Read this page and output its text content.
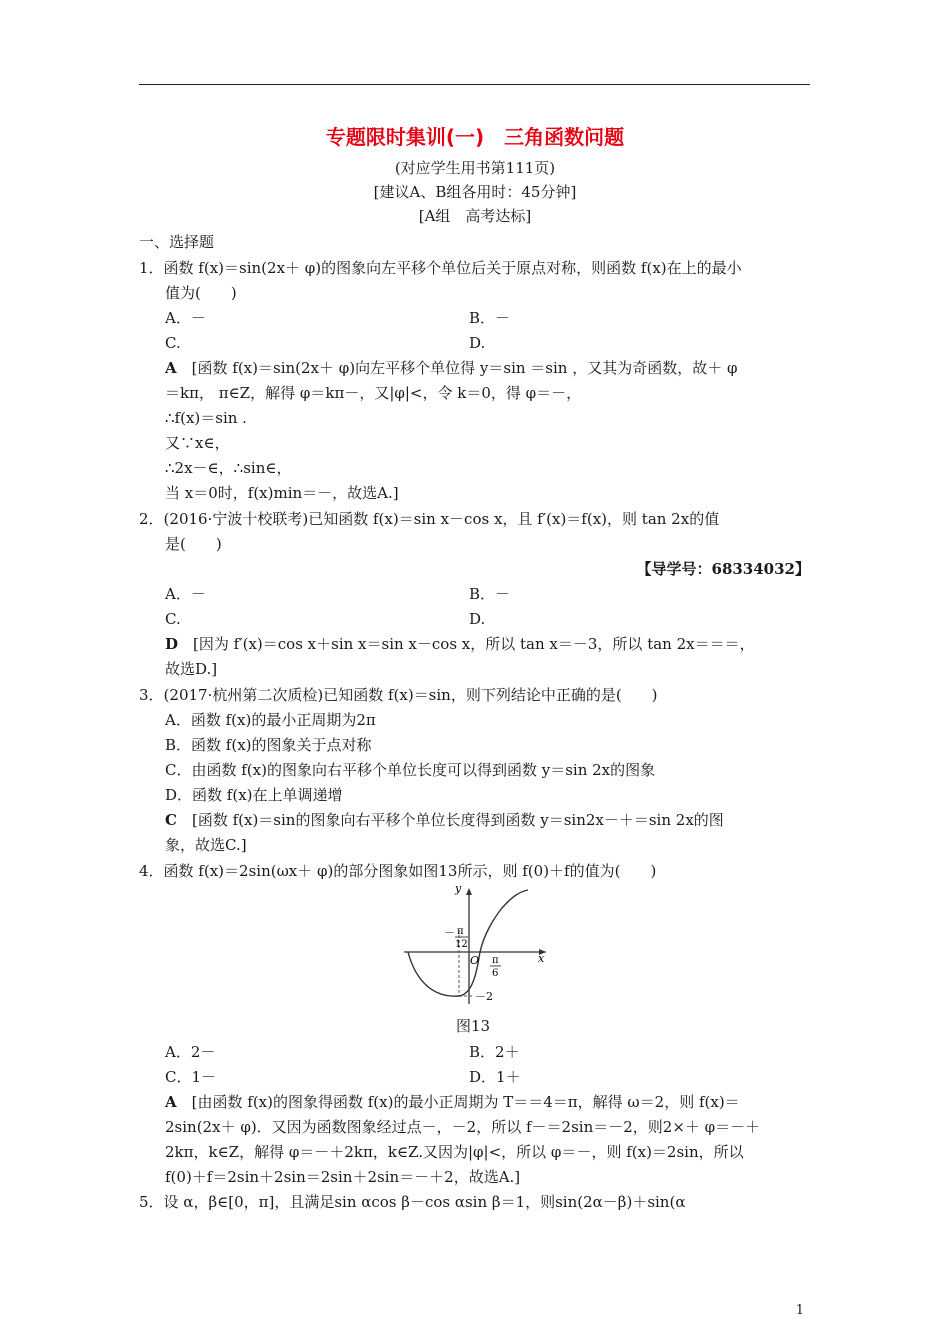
专题限时集训(一)　三角函数问题
(对应学生用书第111页)
[建议A、B组各用时：45分钟]
[A组　高考达标]
一、选择题
1．函数 f(x)＝sin(2x＋ φ)的图象向左平移个单位后关于原点对称，则函数 f(x)在上的最小
值为(　　)
A．－	B．－
C.	D.
A　 [函数 f(x)＝sin(2x＋ φ)向左平移个单位得 y＝sin ＝sin ，又其为奇函数，故＋ φ
＝kπ， π∈Z，解得 φ＝kπ－，又|φ|<，令 k＝0，得 φ＝－，
∴f(x)＝sin .
又∵x∈，
∴2x－∈，∴sin∈，
当 x＝0时，f(x)min＝－，故选A.]
2．(2016·宁波十校联考)已知函数 f(x)＝sin x－cos x，且 f′(x)＝f(x)，则 tan 2x的值
是(　　)
【导学号：68334032】
A．－	B．－
C.	D.
D　 [因为 f′(x)＝cos x＋sin x＝sin x－cos x，所以 tan x＝－3，所以 tan 2x＝＝＝，
故选D.]
3．(2017·杭州第二次质检)已知函数 f(x)＝sin，则下列结论中正确的是(　　)
A．函数 f(x)的最小正周期为2π
B．函数 f(x)的图象关于点对称
C．由函数 f(x)的图象向右平移个单位长度可以得到函数 y＝sin 2x的图象
D．函数 f(x)在上单调递增
C　 [函数 f(x)＝sin的图象向右平移个单位长度得到函数 y＝sin2x－＋＝sin 2x的图
象，故选C.]
4．函数 f(x)＝2sin(ωx＋ φ)的部分图象如图13所示，则 f(0)＋f的值为(　　)
y
x
O
－ π
12
π
6
－2
图13
A．2－	B．2＋
C．1－	D．1＋
A　 [由函数 f(x)的图象得函数 f(x)的最小正周期为 T＝＝4＝π，解得 ω＝2，则 f(x)＝
2sin(2x＋ φ)．又因为函数图象经过点－，－2，所以 f－＝2sin＝－2，则2×＋ φ＝－＋
2kπ，k∈Z，解得 φ＝－＋2kπ，k∈Z.又因为|φ|<，所以 φ＝－，则 f(x)＝2sin，所以
f(0)＋f＝2sin＋2sin＝2sin＋2sin＝－＋2，故选A.]
5．设 α，β∈[0，π]，且满足sin αcos β－cos αsin β＝1，则sin(2α－β)＋sin(α
1
